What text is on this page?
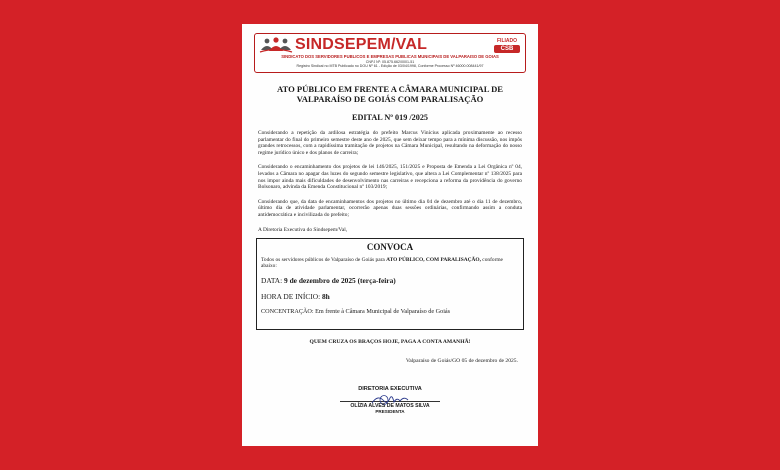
SINDSEPEM/VAL	FILIADO
CSB
SINDICATO DOS SERVIDORES PÚBLICOS E EMPRESAS PÚBLICAS MUNICIPAIS DE VALPARAÍSO DE GOIÁS
CNPJ Nº: 05.875.662/0001-51
Registro Sindical no MTB Publicado no DOU Nº 61 - Edição de 03/04/1998, Conforme Processo Nº 46000.008441/97
ATO PÚBLICO EM FRENTE A CÂMARA MUNICIPAL DE VALPARAÍSO DE GOIÁS COM PARALISAÇÃO
EDITAL Nº 019 /2025
Considerando a repetição da ardilosa estratégia do prefeito Marcus Vinícius aplicada proximamente ao recesso parlamentar do final do primeiro semestre deste ano de 2025, que sem deixar tempo para a mínima discussão, nos impôs grandes retrocessos, com a rapidíssima tramitação de projetos na Câmara Municipal, resultando na deformação do nosso regime jurídico único e dos planos de carreira;
Considerando o encaminhamento dos projetos de lei 146/2025, 151/2025 e Proposta de Emenda a Lei Orgânica nº 04, levados a Câmara no apagar das luzes do segundo semestre legislativo, que altera a Lei Complementar nº 138/2025 para nos impor ainda mais dificuldades de desenvolvimento nas carreiras e recepciona a reforma da providência do governo Bolsonaro, advinda da Emenda Constitucional nº 103/2019;
Considerando que, da data de encaminhamentos dos projetos no último dia 04 de dezembro até o dia 11 de dezembro, último dia de atividade parlamentar, ocorrerão apenas duas sessões ordinárias, confirmando assim a conduta antidemocrática e incivilizada do prefeito;
A Diretoria Executiva do Sindsepem/Val,
CONVOCA
Todos os servidores públicos de Valparaíso de Goiás para ATO PÚBLICO, COM PARALISAÇÃO, conforme abaixo:
DATA: 9 de dezembro de 2025 (terça-feira)
HORA DE INÍCIO: 8h
CONCENTRAÇÃO: Em frente à Câmara Municipal de Valparaíso de Goiás
QUEM CRUZA OS BRAÇOS HOJE, PAGA A CONTA AMANHÃ!
Valparaíso de Goiás/GO 05 de dezembro de 2025.
DIRETORIA EXECUTIVA
OLÍZIA ALVES DE MATOS SILVA
PRESIDENTA
